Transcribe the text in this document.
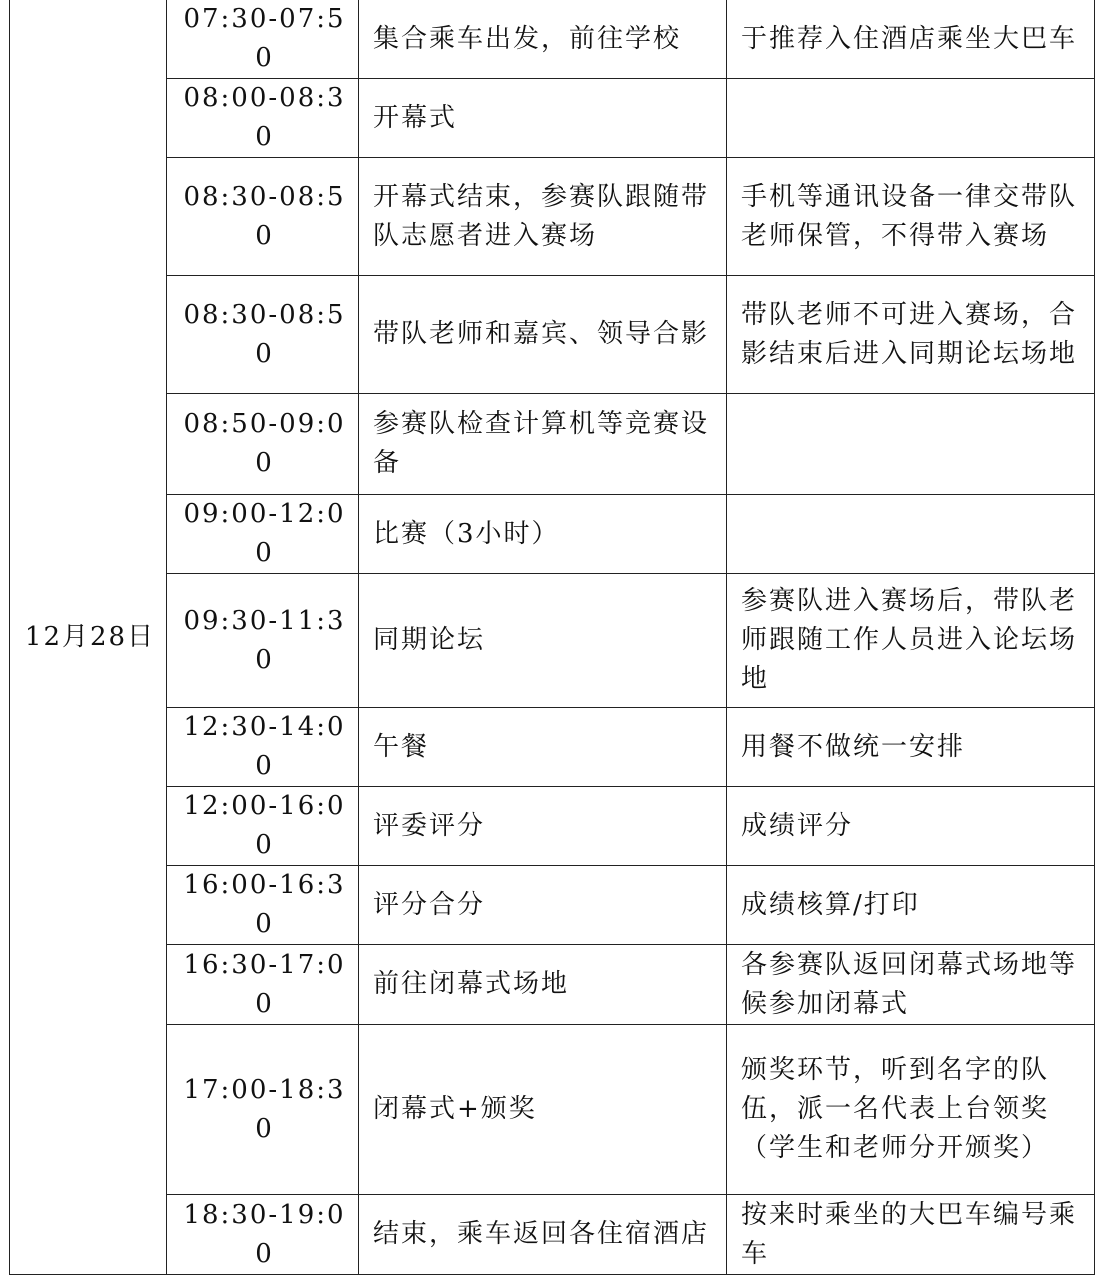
12月28日	07:30-07:50	集合乘车出发，前往学校	于推荐入住酒店乘坐大巴车
	08:00-08:30	开幕式	
	08:30-08:50	开幕式结束，参赛队跟随带队志愿者进入赛场	手机等通讯设备一律交带队老师保管，不得带入赛场
	08:30-08:50	带队老师和嘉宾、领导合影	带队老师不可进入赛场，合影结束后进入同期论坛场地
	08:50-09:00	参赛队检查计算机等竞赛设备	
	09:00-12:00	比赛（3小时）	
	09:30-11:30	同期论坛	参赛队进入赛场后，带队老师跟随工作人员进入论坛场地
	12:30-14:00	午餐	用餐不做统一安排
	12:00-16:00	评委评分	成绩评分
	16:00-16:30	评分合分	成绩核算/打印
	16:30-17:00	前往闭幕式场地	各参赛队返回闭幕式场地等候参加闭幕式
	17:00-18:30	闭幕式+颁奖	颁奖环节，听到名字的队伍，派一名代表上台领奖（学生和老师分开颁奖）
	18:30-19:00	结束，乘车返回各住宿酒店	按来时乘坐的大巴车编号乘车
